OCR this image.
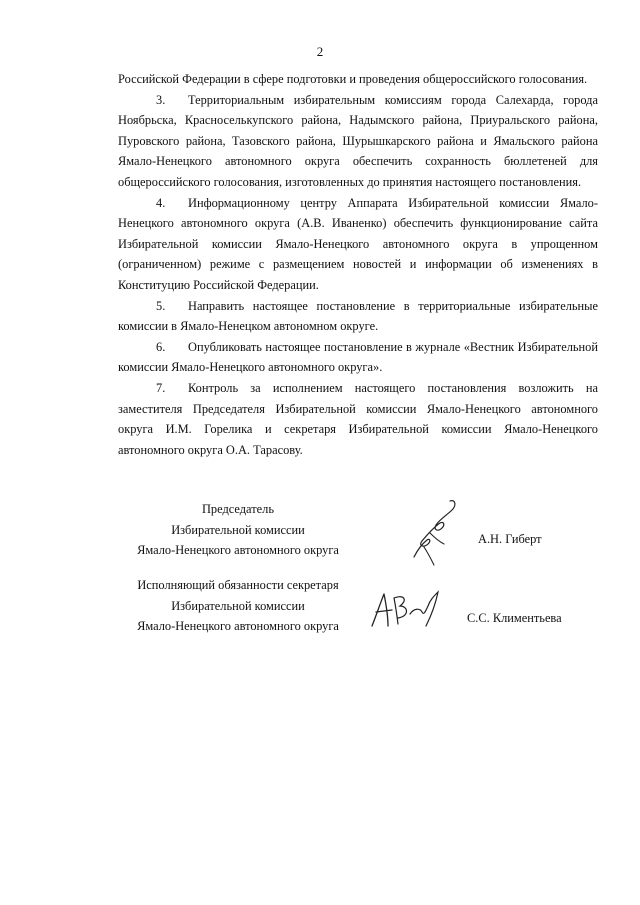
2

Российской Федерации в сфере подготовки и проведения общероссийского голосования.

3. Территориальным избирательным комиссиям города Салехарда, города Ноябрьска, Красноселькупского района, Надымского района, Приуральского района, Пуровского района, Тазовского района, Шурышкарского района и Ямальского района Ямало-Ненецкого автономного округа обеспечить сохранность бюллетеней для общероссийского голосования, изготовленных до принятия настоящего постановления.

4. Информационному центру Аппарата Избирательной комиссии Ямало-Ненецкого автономного округа (А.В. Иваненко) обеспечить функционирование сайта Избирательной комиссии Ямало-Ненецкого автономного округа в упрощенном (ограниченном) режиме с размещением новостей и информации об изменениях в Конституцию Российской Федерации.

5. Направить настоящее постановление в территориальные избирательные комиссии в Ямало-Ненецком автономном округе.

6. Опубликовать настоящее постановление в журнале «Вестник Избирательной комиссии Ямало-Ненецкого автономного округа».

7. Контроль за исполнением настоящего постановления возложить на заместителя Председателя Избирательной комиссии Ямало-Ненецкого автономного округа И.М. Горелика и секретаря Избирательной комиссии Ямало-Ненецкого автономного округа О.А. Тарасову.

Председатель
Избирательной комиссии
Ямало-Ненецкого автономного округа
А.Н. Гиберт
Исполняющий обязанности секретаря
Избирательной комиссии
Ямало-Ненецкого автономного округа
С.С. Климентьева
